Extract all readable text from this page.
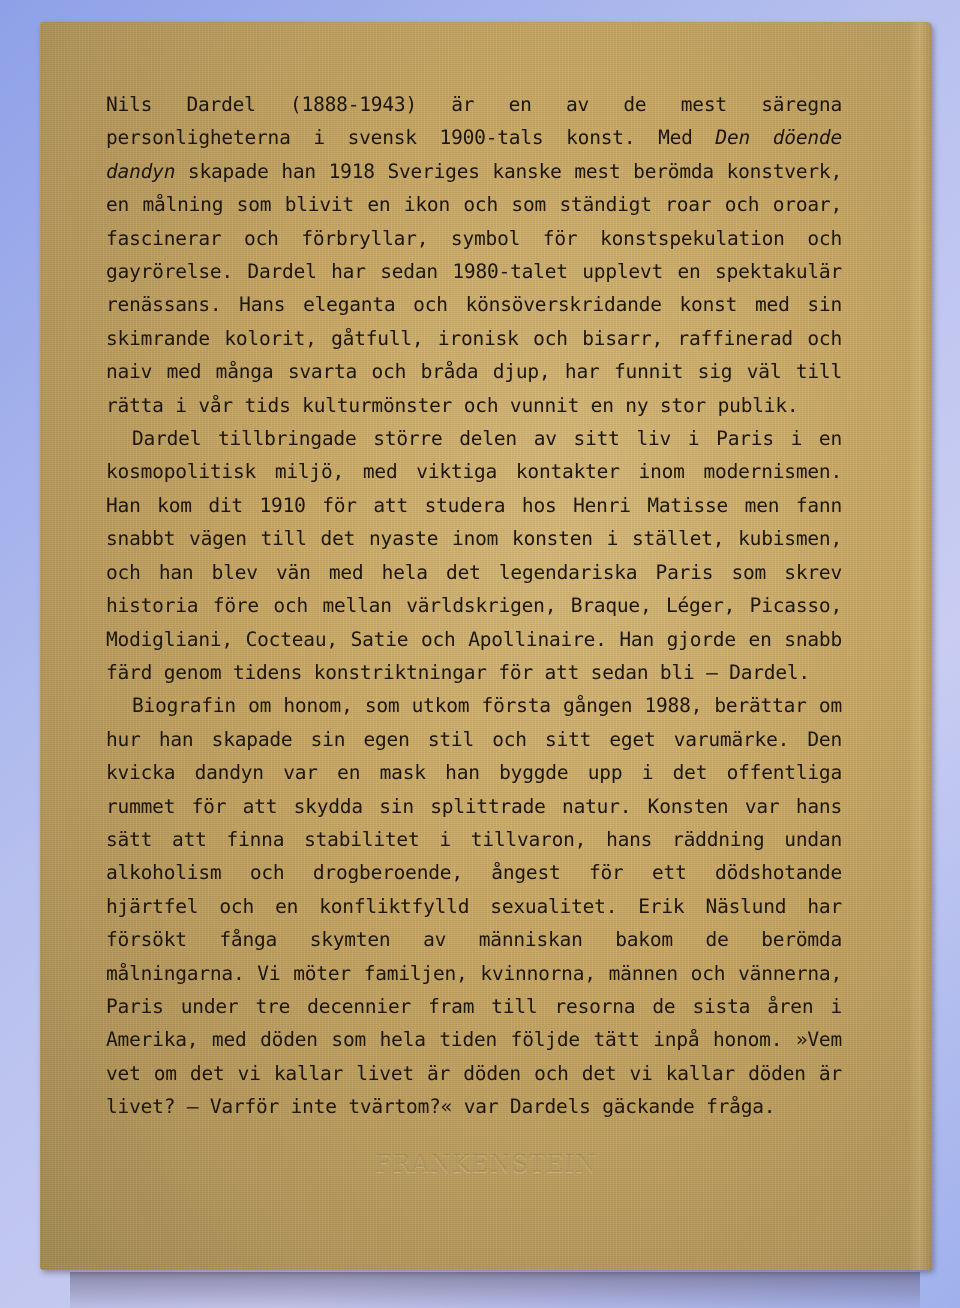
Nils Dardel (1888-1943) är en av de mest säregna personligheterna i svensk 1900-tals konst. Med Den döende dandyn skapade han 1918 Sveriges kanske mest berömda konstverk, en målning som blivit en ikon och som ständigt roar och oroar, fascinerar och förbryllar, symbol för konstspekulation och gayrörelse. Dardel har sedan 1980-talet upplevt en spektakulär renässans. Hans eleganta och könsöverskridande konst med sin skimrande kolorit, gåtfull, ironisk och bisarr, raffinerad och naiv med många svarta och bråda djup, har funnit sig väl till rätta i vår tids kulturmönster och vunnit en ny stor publik.

Dardel tillbringade större delen av sitt liv i Paris i en kosmopolitisk miljö, med viktiga kontakter inom modernismen. Han kom dit 1910 för att studera hos Henri Matisse men fann snabbt vägen till det nyaste inom konsten i stället, kubismen, och han blev vän med hela det legendariska Paris som skrev historia före och mellan världskrigen, Braque, Léger, Picasso, Modigliani, Cocteau, Satie och Apollinaire. Han gjorde en snabb färd genom tidens konstriktningar för att sedan bli – Dardel.

Biografin om honom, som utkom första gången 1988, berättar om hur han skapade sin egen stil och sitt eget varumärke. Den kvicka dandyn var en mask han byggde upp i det offentliga rummet för att skydda sin splittrade natur. Konsten var hans sätt att finna stabilitet i tillvaron, hans räddning undan alkoholism och drogberoende, ångest för ett dödshotande hjärtfel och en konfliktfylld sexualitet. Erik Näslund har försökt fånga skymten av människan bakom de berömda målningarna. Vi möter familjen, kvinnorna, männen och vännerna, Paris under tre decennier fram till resorna de sista åren i Amerika, med döden som hela tiden följde tätt inpå honom. »Vem vet om det vi kallar livet är döden och det vi kallar döden är livet? – Varför inte tvärtom?« var Dardels gäckande fråga.

FRANKENSTEIN
